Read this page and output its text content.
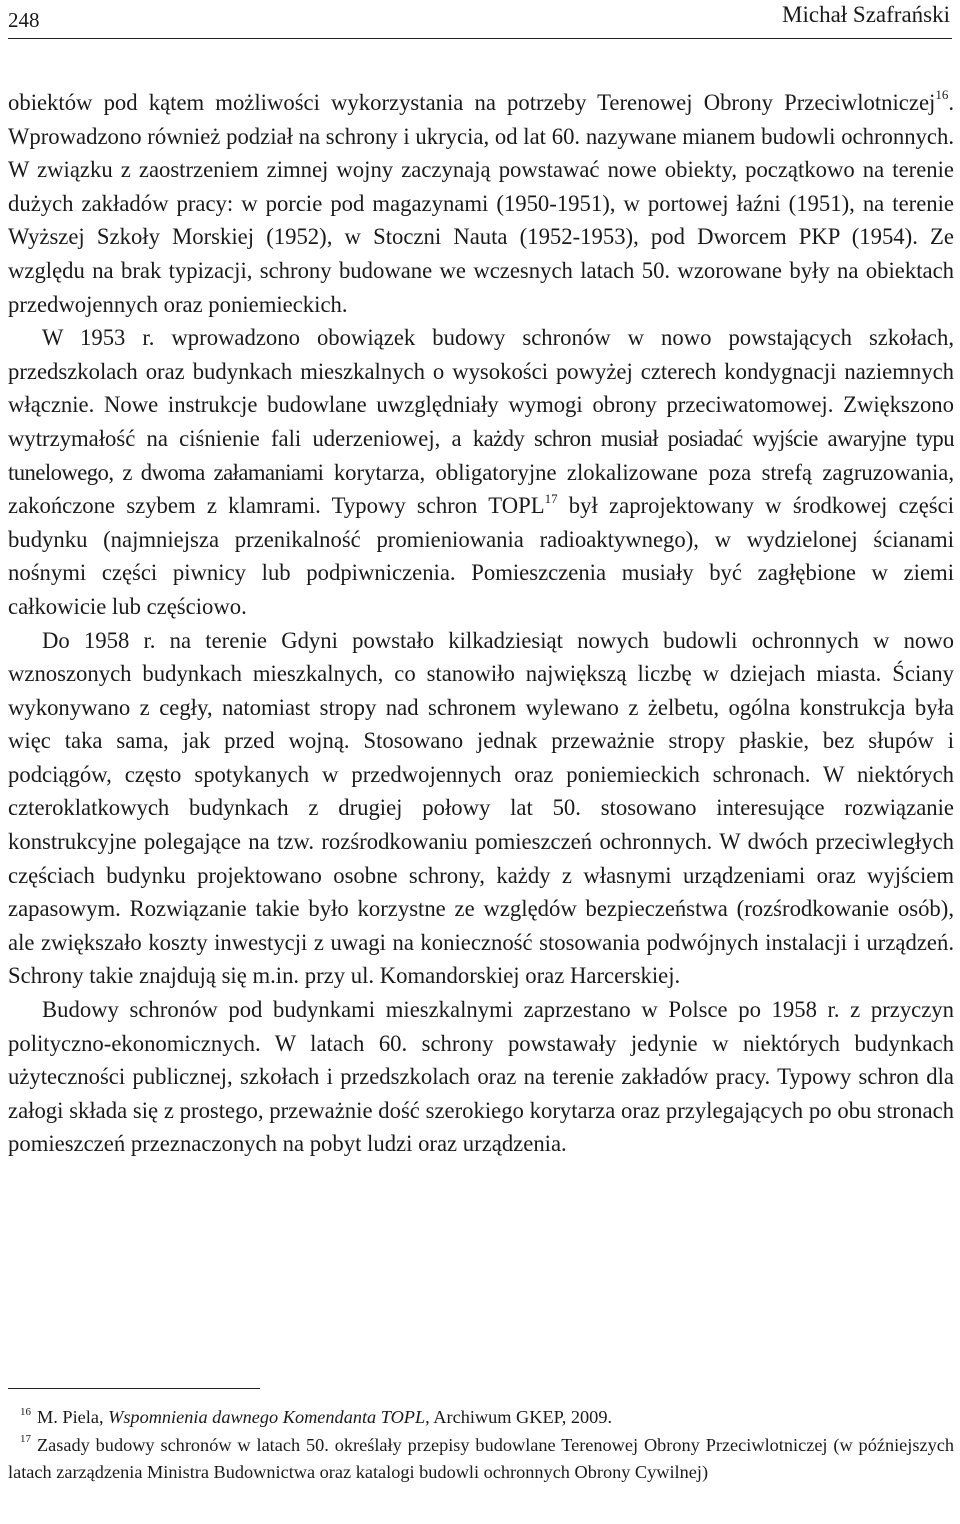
248	Michał Szafrański

obiektów pod kątem możliwości wykorzystania na potrzeby Terenowej Obrony Przeciwlotniczej$^{16}$. Wprowadzono również podział na schrony i ukrycia, od lat 60. nazywane mianem budowli ochronnych. W związku z zaostrzeniem zimnej wojny zaczynają powstawać nowe obiekty, początkowo na terenie dużych zakładów pracy: w porcie pod magazynami (1950-1951), w portowej łaźni (1951), na terenie Wyższej Szkoły Morskiej (1952), w Stoczni Nauta (1952-1953), pod Dworcem PKP (1954). Ze względu na brak typizacji, schrony budowane we wczesnych latach 50. wzorowane były na obiektach przedwojennych oraz poniemieckich.

W 1953 r. wprowadzono obowiązek budowy schronów w nowo powstających szkołach, przedszkolach oraz budynkach mieszkalnych o wysokości powyżej czterech kondygnacji naziemnych włącznie. Nowe instrukcje budowlane uwzględniały wymogi obrony przeciwatomowej. Zwiększono wytrzymałość na ciśnienie fali uderzeniowej, a każdy schron musiał posiadać wyjście awaryjne typu tunelowego, z dwoma załamaniami korytarza, obligatoryjne zlokalizowane poza strefą zagruzowania, zakończone szybem z klamrami. Typowy schron TOPL$^{17}$ był zaprojektowany w środkowej części budynku (najmniejsza przenikalność promieniowania radioaktywnego), w wydzielonej ścianami nośnymi części piwnicy lub podpiwniczenia. Pomieszczenia musiały być zagłębione w ziemi całkowicie lub częściowo.

Do 1958 r. na terenie Gdyni powstało kilkadziesiąt nowych budowli ochronnych w nowo wznoszonych budynkach mieszkalnych, co stanowiło największą liczbę w dziejach miasta. Ściany wykonywano z cegły, natomiast stropy nad schronem wylewano z żelbetu, ogólna konstrukcja była więc taka sama, jak przed wojną. Stosowano jednak przeważnie stropy płaskie, bez słupów i podciągów, często spotykanych w przedwojennych oraz poniemieckich schronach. W niektórych czteroklatkowych budynkach z drugiej połowy lat 50. stosowano interesujące rozwiązanie konstrukcyjne polegające na tzw. rozśrodkowaniu pomieszczeń ochronnych. W dwóch przeciwległych częściach budynku projektowano osobne schrony, każdy z własnymi urządzeniami oraz wyjściem zapasowym. Rozwiązanie takie było korzystne ze względów bezpieczeństwa (rozśrodkowanie osób), ale zwiększało koszty inwestycji z uwagi na konieczność stosowania podwójnych instalacji i urządzeń. Schrony takie znajdują się m.in. przy ul. Komandorskiej oraz Harcerskiej.

Budowy schronów pod budynkami mieszkalnymi zaprzestano w Polsce po 1958 r. z przyczyn polityczno-ekonomicznych. W latach 60. schrony powstawały jedynie w niektórych budynkach użyteczności publicznej, szkołach i przedszkolach oraz na terenie zakładów pracy. Typowy schron dla załogi składa się z prostego, przeważnie dość szerokiego korytarza oraz przylegających po obu stronach pomieszczeń przeznaczonych na pobyt ludzi oraz urządzenia.

$^{16}$ M. Piela, Wspomnienia dawnego Komendanta TOPL, Archiwum GKEP, 2009.

$^{17}$ Zasady budowy schronów w latach 50. określały przepisy budowlane Terenowej Obrony Przeciwlotniczej (w późniejszych latach zarządzenia Ministra Budownictwa oraz katalogi budowli ochronnych Obrony Cywilnej)
